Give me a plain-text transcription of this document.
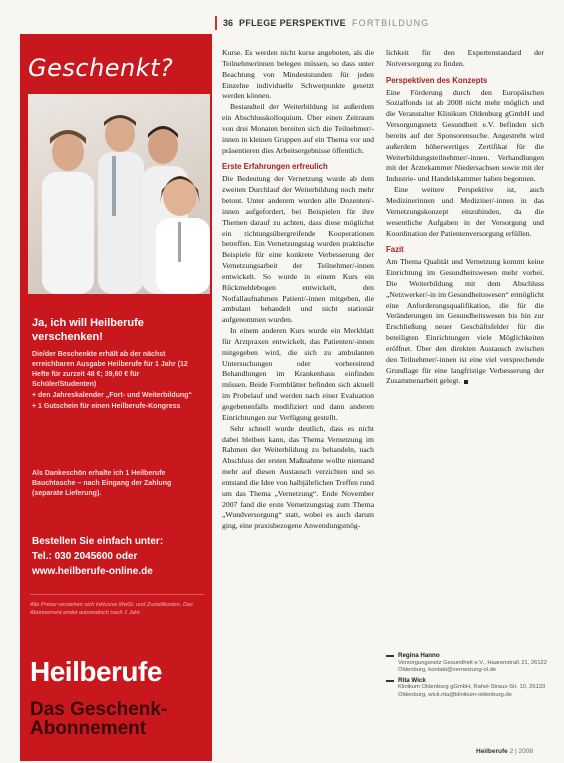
36 PFLEGE PERSPEKTIVE FORTBILDUNG
Geschenkt?
Ja, ich will Heilberufe verschenken!

Die/der Beschenkte erhält ab der nächst erreichbaren Ausgabe Heilberufe für 1 Jahr (12 Hefte für zurzeit 48 €; 39,60 € für Schüler/Studenten)

+ den Jahreskalender „Fort- und Weiterbildung“

+ 1 Gutschein für einen Heilberufe-Kongress

Als Dankeschön erhalte ich 1 Heilberufe Bauchtasche – nach Eingang der Zahlung (separate Lieferung).
Bestellen Sie einfach unter:
Tel.: 030 2045600 oder
www.heilberufe-online.de
Alle Preise verstehen sich inklusive MwSt. und Zustellkosten. Das Abonnement endet automatisch nach 1 Jahr.
Heilberufe
Das Geschenk-Abonnement

Kurse. Es werden nicht kurse angeboten, als die Teilnehmerinnen belegen müssen, so dass unter Beachtung von Mindeststunden für jeden Einzelne individuelle Schwerpunkte gesetzt werden können.

Bestandteil der Weiterbildung ist außerdem ein Abschlusskolloquium. Über einen Zeitraum von drei Monaten bereiten sich die Teilnehmer/-innen in kleinen Gruppen auf ein Thema vor und präsentieren dies Arbeitsergebnisse öffentlich.

Erste Erfahrungen erfreulich

Die Bedeutung der Vernetzung wurde ab dem zweiten Durchlauf der Weiterbildung noch mehr betont. Unter anderem wurden alle Dozenten/-innen aufgefordert, bei Beispielen für ihre Themen darauf zu achten, dass diese möglichst ein richtungsübergreifende Kooperationen betreffen. Ein Vernetzungstag wurden praktische Beispiele für eine konkrete Verbesserung der Vernetzungsarbeit der Teilnehmer/-innen entwickelt. So wurde in einem Kurs ein Rückmeldebogen entwickelt, den Notfallaufnahmen Patient/-innen mitgeben, die ambulant behandelt und nicht stationär aufgenommen wurden.

In einem anderen Kurs wurde ein Merkblatt für Arztpraxen entwickelt, das Patienten/-innen mitgegeben wird, die sich zu ambulanten Untersuchungen oder vorbereitend Behandlungen im Krankenhaus einfinden müssen. Beide Formblätter befinden sich aktuell im Probelauf und werden nach einer Evaluation gegebenenfalls modifiziert und dann anderen Einrichtungen zur Verfügung gestellt.

Sehr schnell wurde deutlich, dass es nicht dabei bleiben kann, das Thema Vernetzung im Rahmen der Weiterbildung zu behandeln, nach Abschluss der ersten Maßnahme wollte niemand mehr auf diesen Austausch verzichten und so entstand die Idee von halbjährlichen Treffen rund um das Thema „Vernetzung“. Ende November 2007 fand die erste Vernetzungstag zum Thema „Wundversorgung“ statt, wobei es auch darum ging, eine praxisbezogene Anwendungsmög-

lichkeit für den Expertenstandard der Notversorgung zu finden.

Perspektiven des Konzepts

Eine Förderung durch den Europäischen Sozialfonds ist ab 2008 nicht mehr möglich und die Veranstalter Klinikum Oldenburg gGmbH und Versorgungsnetz Gesundheit e.V. befinden sich bereits auf der Sponsorensuche. Angestrebt wird außerdem höherwertiges Zertifikat für die Weiterbildungsteilnehmer/-innen. Verhandlungen mit der Ärztekammer Niedersachsen sowie mit der Industrie- und Handelskammer haben begonnen.

Eine weitere Perspektive ist, auch Medizinerinnen und Mediziner/-innen in das Vernetzungskonzept einzubinden, da die wesentliche Aufgaben in der Versorgung und Koordination der Patientenversorgung erfüllen.

Fazit

Am Thema Qualität und Vernetzung kommt keine Einrichtung im Gesundheitswesen mehr vorbei. Die Weiterbildung mit dem Abschluss „Netzwerker/-in im Gesundheitswesen“ ermöglicht eine Anforderungsqualifikation, die für die Veränderungen im Gesundheitswesen bis hin zur Erschließung neuer Geschäftsfelder für die beteiligten Einrichtungen viele Möglichkeiten eröffnet. Über den direkten Austausch zwischen den Teilnehmer/-innen ist eine viel versprechende Grundlage für eine langfristige Verbesserung der Zusammenarbeit gelegt.

Regina Hanno
Versorgungsnetz Gesundheit e.V., Haarenstraß 21, 26122 Oldenburg, kontakt@vernetzung-ol.de
Rita Wick
Klinikum Oldenburg gGmbH, Rahel-Straus-Str. 10, 26133 Oldenburg, wick.rita@klinikum-oldenburg.de
Heilberufe 2 | 2008
